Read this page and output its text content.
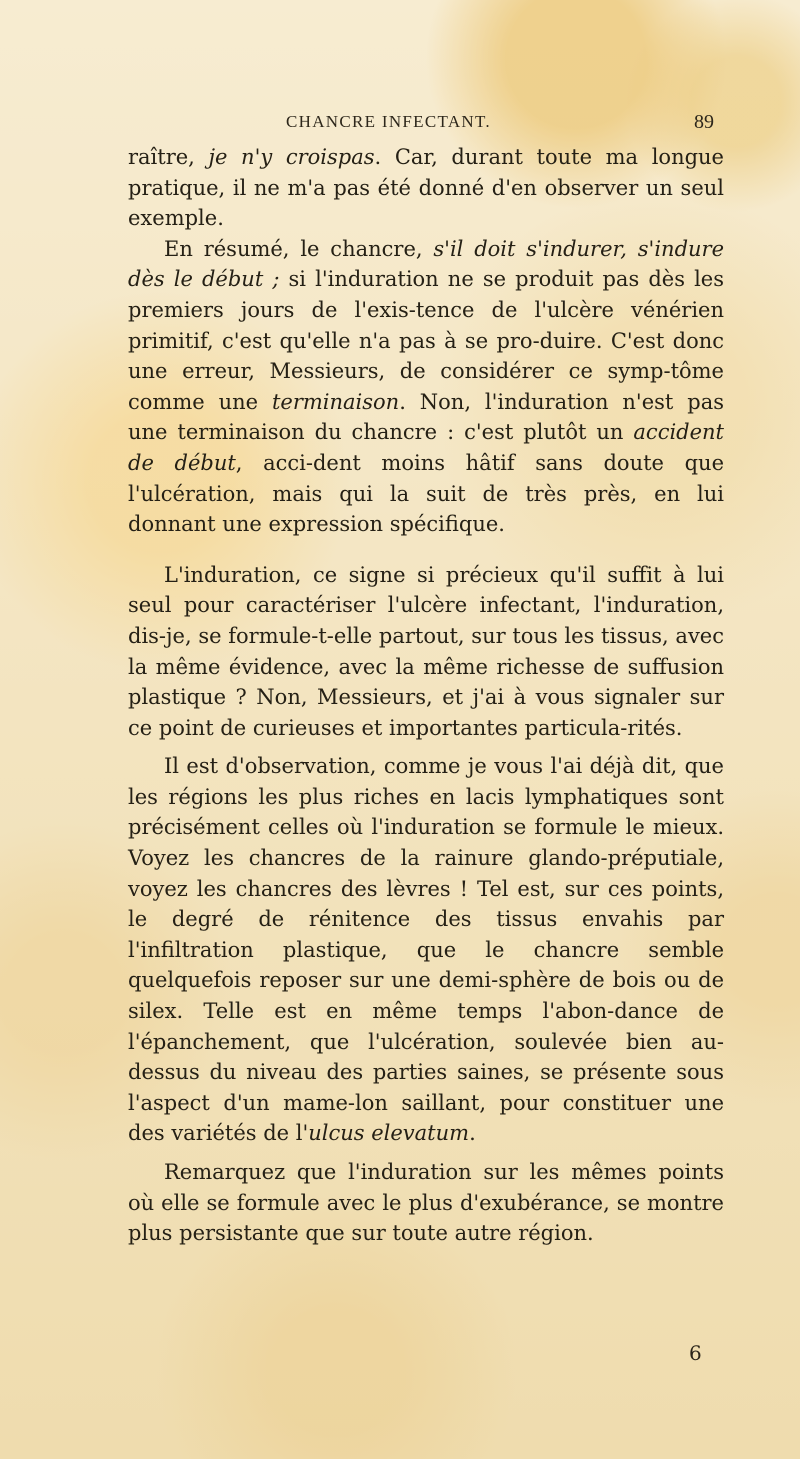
CHANCRE INFECTANT.	89

raître, je n'y croispas. Car, durant toute ma longue pratique, il ne m'a pas été donné d'en observer un seul exemple.

En résumé, le chancre, s'il doit s'indurer, s'indure dès le début ; si l'induration ne se produit pas dès les premiers jours de l'exis-tence de l'ulcère vénérien primitif, c'est qu'elle n'a pas à se pro-duire. C'est donc une erreur, Messieurs, de considérer ce symp-tôme comme une terminaison. Non, l'induration n'est pas une terminaison du chancre : c'est plutôt un accident de début, acci-dent moins hâtif sans doute que l'ulcération, mais qui la suit de très près, en lui donnant une expression spécifique.

L'induration, ce signe si précieux qu'il suffit à lui seul pour caractériser l'ulcère infectant, l'induration, dis-je, se formule-t-elle partout, sur tous les tissus, avec la même évidence, avec la même richesse de suffusion plastique ? Non, Messieurs, et j'ai à vous signaler sur ce point de curieuses et importantes particula-rités.

Il est d'observation, comme je vous l'ai déjà dit, que les régions les plus riches en lacis lymphatiques sont précisément celles où l'induration se formule le mieux. Voyez les chancres de la rainure glando-préputiale, voyez les chancres des lèvres ! Tel est, sur ces points, le degré de rénitence des tissus envahis par l'infiltration plastique, que le chancre semble quelquefois reposer sur une demi-sphère de bois ou de silex. Telle est en même temps l'abon-dance de l'épanchement, que l'ulcération, soulevée bien au-dessus du niveau des parties saines, se présente sous l'aspect d'un mame-lon saillant, pour constituer une des variétés de l'ulcus elevatum.

Remarquez que l'induration sur les mêmes points où elle se formule avec le plus d'exubérance, se montre plus persistante que sur toute autre région.

6
